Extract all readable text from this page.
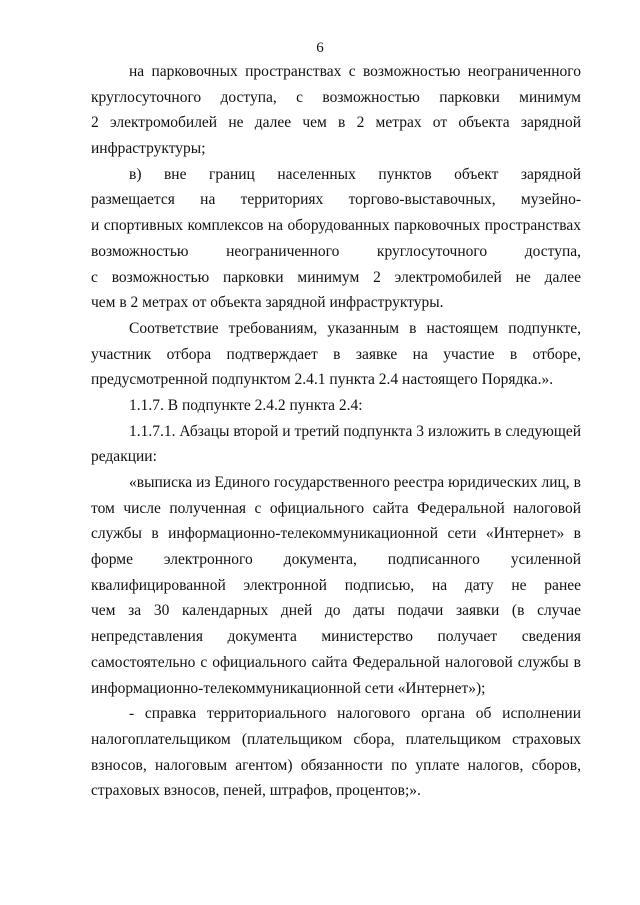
6
на парковочных пространствах с возможностью неограниченного
круглосуточного доступа, с возможностью парковки минимум
2 электромобилей не далее чем в 2 метрах от объекта зарядной
инфраструктуры;
в) вне границ населенных пунктов объект зарядной
размещается на территориях торгово-выставочных, музейно-
и спортивных комплексов на оборудованных парковочных пространствах
возможностью неограниченного круглосуточного доступа,
с возможностью парковки минимум 2 электромобилей не далее
чем в 2 метрах от объекта зарядной инфраструктуры.
Соответствие требованиям, указанным в настоящем подпункте,
участник отбора подтверждает в заявке на участие в отборе,
предусмотренной подпунктом 2.4.1 пункта 2.4 настоящего Порядка.».
1.1.7. В подпункте 2.4.2 пункта 2.4:
1.1.7.1. Абзацы второй и третий подпункта 3 изложить в следующей
редакции:
«выписка из Единого государственного реестра юридических лиц, в
том числе полученная с официального сайта Федеральной налоговой
службы в информационно-телекоммуникационной сети «Интернет» в
форме электронного документа, подписанного усиленной
квалифицированной электронной подписью, на дату не ранее
чем за 30 календарных дней до даты подачи заявки (в случае
непредставления документа министерство получает сведения
самостоятельно с официального сайта Федеральной налоговой службы в
информационно-телекоммуникационной сети «Интернет»);
- справка территориального налогового органа об исполнении
налогоплательщиком (плательщиком сбора, плательщиком страховых
взносов, налоговым агентом) обязанности по уплате налогов, сборов,
страховых взносов, пеней, штрафов, процентов;».
